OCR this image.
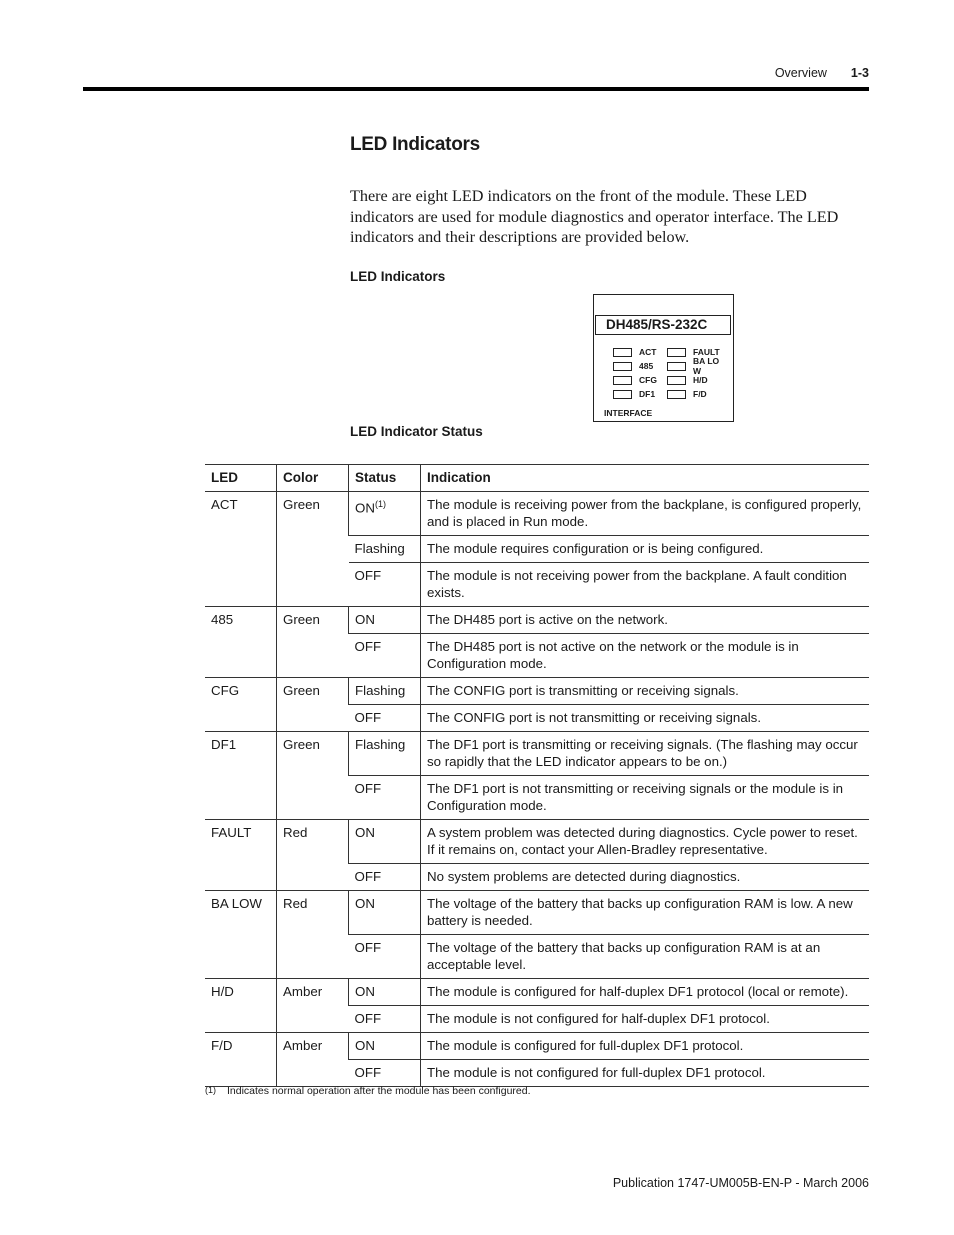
Overview 1-3
LED Indicators

There are eight LED indicators on the front of the module. These LED indicators are used for module diagnostics and operator interface. The LED indicators and their descriptions are provided below.

LED Indicators

DH485/RS-232C
ACT	FAULT
485	BA LO W
CFG	H/D
DF1	F/D
INTERFACE

LED Indicator Status

LED	Color	Status	Indication
ACT	Green	ON$^{(1)}$	The module is receiving power from the backplane, is configured properly, and is placed in Run mode.
		Flashing	The module requires configuration or is being configured.
		OFF	The module is not receiving power from the backplane. A fault condition exists.
485	Green	ON	The DH485 port is active on the network.
		OFF	The DH485 port is not active on the network or the module is in Configuration mode.
CFG	Green	Flashing	The CONFIG port is transmitting or receiving signals.
		OFF	The CONFIG port is not transmitting or receiving signals.
DF1	Green	Flashing	The DF1 port is transmitting or receiving signals. (The flashing may occur so rapidly that the LED indicator appears to be on.)
		OFF	The DF1 port is not transmitting or receiving signals or the module is in Configuration mode.
FAULT	Red	ON	A system problem was detected during diagnostics. Cycle power to reset. If it remains on, contact your Allen-Bradley representative.
		OFF	No system problems are detected during diagnostics.
BA LOW	Red	ON	The voltage of the battery that backs up configuration RAM is low. A new battery is needed.
		OFF	The voltage of the battery that backs up configuration RAM is at an acceptable level.
H/D	Amber	ON	The module is configured for half-duplex DF1 protocol (local or remote).
		OFF	The module is not configured for half-duplex DF1 protocol.
F/D	Amber	ON	The module is configured for full-duplex DF1 protocol.
		OFF	The module is not configured for full-duplex DF1 protocol.
(1)	Indicates normal operation after the module has been configured.
Publication 1747-UM005B-EN-P - March 2006
